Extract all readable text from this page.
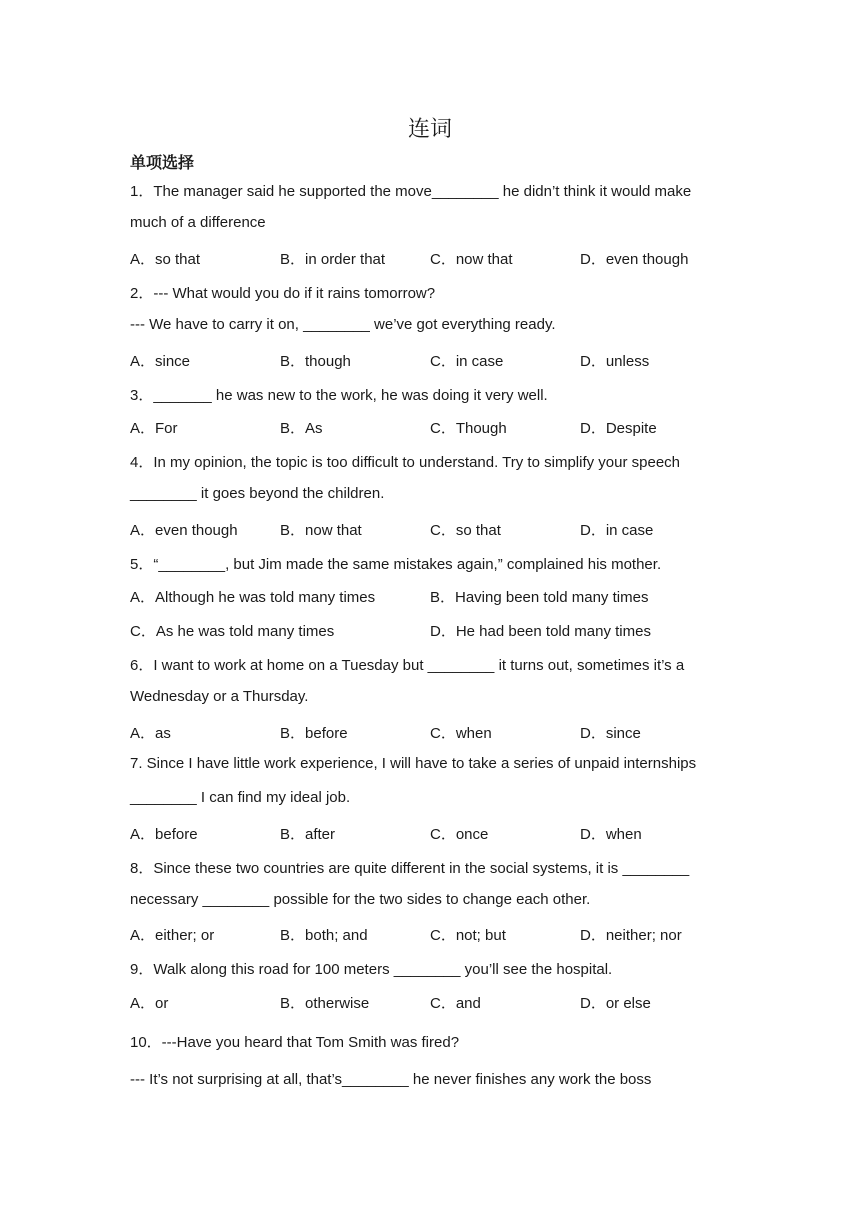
连词
单项选择
1．The manager said he supported the move________ he didn’t think it would make
much of a difference
A．so that	B．in order that	C．now that	D．even though
2．--- What would you do if it rains tomorrow?
--- We have to carry it on, ________ we’ve got everything ready.
A．since	B．though	C．in case	D．unless
3．_______ he was new to the work, he was doing it very well.
A．For	B．As	C．Though	D．Despite
4．In my opinion, the topic is too difficult to understand. Try to simplify your speech
________ it goes beyond the children.
A．even though	B．now that	C．so that	D．in case
5．“________, but Jim made the same mistakes again,” complained his mother.
A．Although he was told many times	B．Having been told many times
C．As he was told many times	D．He had been told many times
6．I want to work at home on a Tuesday but ________ it turns out, sometimes it’s a
Wednesday or a Thursday.
A．as	B．before	C．when	D．since
7. Since I have little work experience, I will have to take a series of unpaid internships
________ I can find my ideal job.
A．before	B．after	C．once	D．when
8．Since these two countries are quite different in the social systems, it is ________
necessary ________ possible for the two sides to change each other.
A．either; or	B．both; and	C．not; but	D．neither; nor
9．Walk along this road for 100 meters ________ you’ll see the hospital.
A．or	B．otherwise	C．and	D．or else
10．---Have you heard that Tom Smith was fired?
--- It’s not surprising at all, that’s________ he never finishes any work the boss
